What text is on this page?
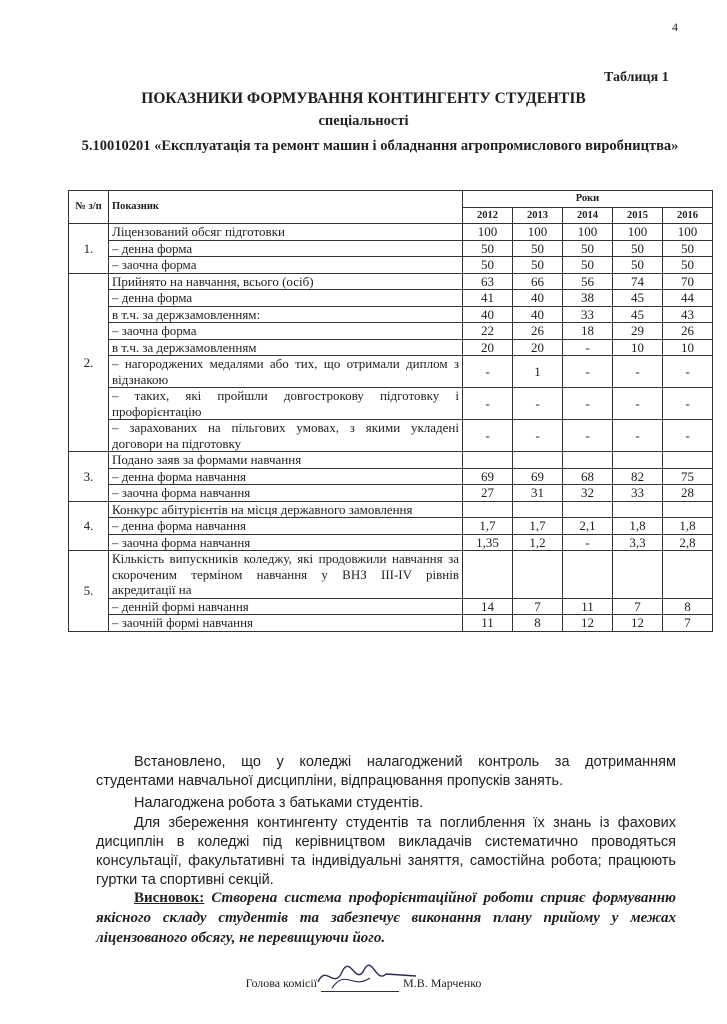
4
Таблиця 1
ПОКАЗНИКИ ФОРМУВАННЯ КОНТИНГЕНТУ СТУДЕНТІВ
спеціальності
5.10010201 «Експлуатація та ремонт машин і обладнання агропромислового виробництва»
№ з/п	Показник	Роки				
		2012	2013	2014	2015	2016
1.	Ліцензований обсяг підготовки	100	100	100	100	100
	– денна форма	50	50	50	50	50
	– заочна форма	50	50	50	50	50
2.	Прийнято на навчання, всього (осіб)	63	66	56	74	70
	– денна форма	41	40	38	45	44
	в т.ч. за держзамовленням:	40	40	33	45	43
	– заочна форма	22	26	18	29	26
	в т.ч. за держзамовленням	20	20	-	10	10
	– нагороджених медалями або тих, що отримали диплом з відзнакою	-	1	-	-	-
	– таких, які пройшли довгострокову підготовку і профорієнтацію	-	-	-	-	-
	– зарахованих на пільгових умовах, з якими укладені договори на підготовку	-	-	-	-	-
3.	Подано заяв за формами навчання					
	– денна форма навчання	69	69	68	82	75
	– заочна форма навчання	27	31	32	33	28
4.	Конкурс абітурієнтів на місця державного замовлення					
	– денна форма навчання	1,7	1,7	2,1	1,8	1,8
	– заочна форма навчання	1,35	1,2	-	3,3	2,8
5.	Кількість випускників коледжу, які продовжили навчання за скороченим терміном навчання у ВНЗ ІІІ-ІV рівнів акредитації на					
	– денній формі навчання	14	7	11	7	8
	– заочній формі навчання	11	8	12	12	7
Встановлено, що у коледжі налагоджений контроль за дотриманням студентами навчальної дисципліни, відпрацювання пропусків занять.
Налагоджена робота з батьками студентів.
Для збереження контингенту студентів та поглиблення їх знань із фахових дисциплін в коледжі під керівництвом викладачів систематично проводяться консультації, факультативні та індивідуальні заняття, самостійна робота; працюють гуртки та спортивні секцій.
Висновок: Створена система профорієнтаційної роботи сприяє формуванню якісного складу студентів та забезпечує виконання плану прийому у межах ліцензованого обсягу, не перевищуючи його.
Голова комісії	М.В. Марченко
